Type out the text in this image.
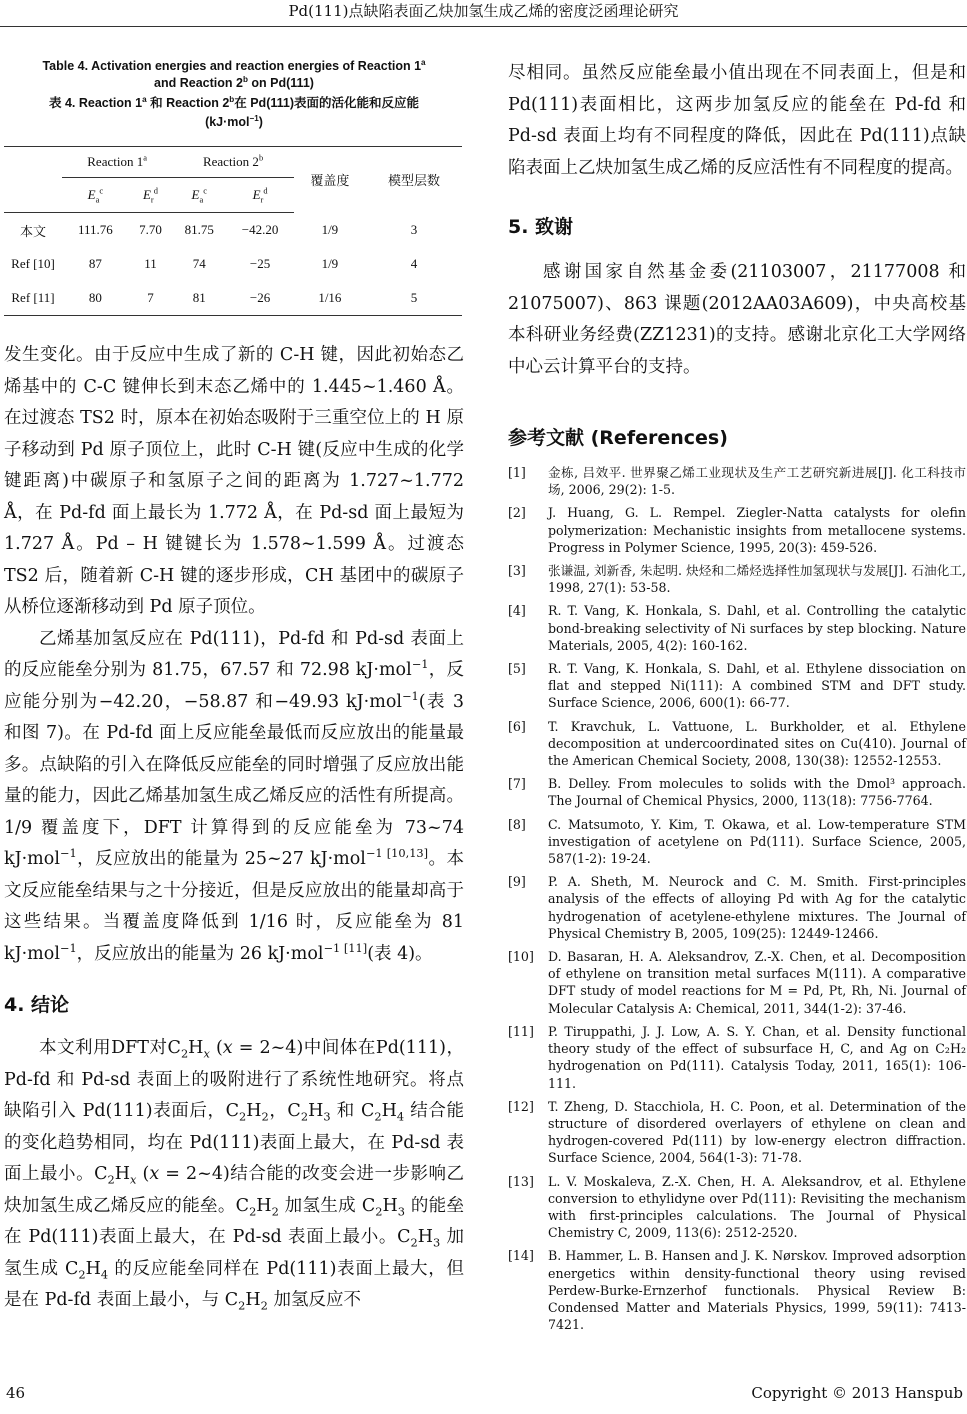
Pd(111)点缺陷表面乙炔加氢生成乙烯的密度泛函理论研究
Table 4. Activation energies and reaction energies of Reaction 1$^a$
and Reaction 2$^b$ on Pd(111)
表 4. Reaction 1$^a$ 和 Reaction 2$^b$在 Pd(111)表面的活化能和反应能
(kJ·mol$^{-1}$)
	Reaction 1$^a$		Reaction 2$^b$		覆盖度	模型层数
	$E_a^c$	$E_r^d$	$E_a^c$	$E_r^d$
本文	111.76	7.70	81.75	−42.20	1/9	3
Ref [10]	87	11	74	−25	1/9	4
Ref [11]	80	7	81	−26	1/16	5

发生变化。由于反应中生成了新的 C-H 键，因此初始态乙烯基中的 C-C 键伸长到末态乙烯中的 1.445~1.460 Å。在过渡态 TS2 时，原本在初始态吸附于三重空位上的 H 原子移动到 Pd 原子顶位上，此时 C-H 键(反应中生成的化学键距离)中碳原子和氢原子之间的距离为 1.727~1.772 Å，在 Pd-fd 面上最长为 1.772 Å，在 Pd-sd 面上最短为 1.727 Å。Pd – H 键键长为 1.578~1.599 Å。过渡态 TS2 后，随着新 C-H 键的逐步形成，CH 基团中的碳原子从桥位逐渐移动到 Pd 原子顶位。

乙烯基加氢反应在 Pd(111)，Pd-fd 和 Pd-sd 表面上的反应能垒分别为 81.75，67.57 和 72.98 kJ·mol$^{-1}$，反应能分别为−42.20，−58.87 和−49.93 kJ·mol$^{-1}$(表 3 和图 7)。在 Pd-fd 面上反应能垒最低而反应放出的能量最多。点缺陷的引入在降低反应能垒的同时增强了反应放出能量的能力，因此乙烯基加氢生成乙烯反应的活性有所提高。1/9 覆盖度下，DFT 计算得到的反应能垒为 73~74 kJ·mol$^{-1}$，反应放出的能量为 25~27 kJ·mol$^{-1 [10,13]}$。本文反应能垒结果与之十分接近，但是反应放出的能量却高于这些结果。当覆盖度降低到 1/16 时，反应能垒为 81 kJ·mol$^{-1}$，反应放出的能量为 26 kJ·mol$^{-1 [11]}$(表 4)。

4. 结论

本文利用DFT对$C_2H_x$ (x = 2~4)中间体在Pd(111)，Pd-fd 和 Pd-sd 表面上的吸附进行了系统性地研究。将点缺陷引入 Pd(111)表面后，$C_2H_2$，$C_2H_3$ 和 $C_2H_4$ 结合能的变化趋势相同，均在 Pd(111)表面上最大，在 Pd-sd 表面上最小。$C_2H_x$ (x = 2~4)结合能的改变会进一步影响乙炔加氢生成乙烯反应的能垒。$C_2H_2$ 加氢生成 $C_2H_3$ 的能垒在 Pd(111)表面上最大，在 Pd-sd 表面上最小。$C_2H_3$ 加氢生成 $C_2H_4$ 的反应能垒同样在 Pd(111)表面上最大，但是在 Pd-fd 表面上最小，与 $C_2H_2$ 加氢反应不

尽相同。虽然反应能垒最小值出现在不同表面上，但是和 Pd(111)表面相比，这两步加氢反应的能垒在 Pd-fd 和 Pd-sd 表面上均有不同程度的降低，因此在 Pd(111)点缺陷表面上乙炔加氢生成乙烯的反应活性有不同程度的提高。

5. 致谢

感谢国家自然基金委(21103007，21177008 和 21075007)、863 课题(2012AA03A609)，中央高校基本科研业务经费(ZZ1231)的支持。感谢北京化工大学网络中心云计算平台的支持。

参考文献 (References)
[1]	金栋, 吕效平. 世界聚乙烯工业现状及生产工艺研究新进展[J]. 化工科技市场, 2006, 29(2): 1-5.
[2]	J. Huang, G. L. Rempel. Ziegler-Natta catalysts for olefin polymerization: Mechanistic insights from metallocene systems. Progress in Polymer Science, 1995, 20(3): 459-526.
[3]	张谦温, 刘新香, 朱起明. 炔烃和二烯烃选择性加氢现状与发展[J]. 石油化工, 1998, 27(1): 53-58.
[4]	R. T. Vang, K. Honkala, S. Dahl, et al. Controlling the catalytic bond-breaking selectivity of Ni surfaces by step blocking. Nature Materials, 2005, 4(2): 160-162.
[5]	R. T. Vang, K. Honkala, S. Dahl, et al. Ethylene dissociation on flat and stepped Ni(111): A combined STM and DFT study. Surface Science, 2006, 600(1): 66-77.
[6]	T. Kravchuk, L. Vattuone, L. Burkholder, et al. Ethylene decomposition at undercoordinated sites on Cu(410). Journal of the American Chemical Society, 2008, 130(38): 12552-12553.
[7]	B. Delley. From molecules to solids with the Dmol³ approach. The Journal of Chemical Physics, 2000, 113(18): 7756-7764.
[8]	C. Matsumoto, Y. Kim, T. Okawa, et al. Low-temperature STM investigation of acetylene on Pd(111). Surface Science, 2005, 587(1-2): 19-24.
[9]	P. A. Sheth, M. Neurock and C. M. Smith. First-principles analysis of the effects of alloying Pd with Ag for the catalytic hydrogenation of acetylene-ethylene mixtures. The Journal of Physical Chemistry B, 2005, 109(25): 12449-12466.
[10]	D. Basaran, H. A. Aleksandrov, Z.-X. Chen, et al. Decomposition of ethylene on transition metal surfaces M(111). A comparative DFT study of model reactions for M = Pd, Pt, Rh, Ni. Journal of Molecular Catalysis A: Chemical, 2011, 344(1-2): 37-46.
[11]	P. Tiruppathi, J. J. Low, A. S. Y. Chan, et al. Density functional theory study of the effect of subsurface H, C, and Ag on C₂H₂ hydrogenation on Pd(111). Catalysis Today, 2011, 165(1): 106-111.
[12]	T. Zheng, D. Stacchiola, H. C. Poon, et al. Determination of the structure of disordered overlayers of ethylene on clean and hydrogen-covered Pd(111) by low-energy electron diffraction. Surface Science, 2004, 564(1-3): 71-78.
[13]	L. V. Moskaleva, Z.-X. Chen, H. A. Aleksandrov, et al. Ethylene conversion to ethylidyne over Pd(111): Revisiting the mechanism with first-principles calculations. The Journal of Physical Chemistry C, 2009, 113(6): 2512-2520.
[14]	B. Hammer, L. B. Hansen and J. K. Nørskov. Improved adsorption energetics within density-functional theory using revised Perdew-Burke-Ernzerhof functionals. Physical Review B: Condensed Matter and Materials Physics, 1999, 59(11): 7413-7421.
46	Copyright © 2013 Hanspub
